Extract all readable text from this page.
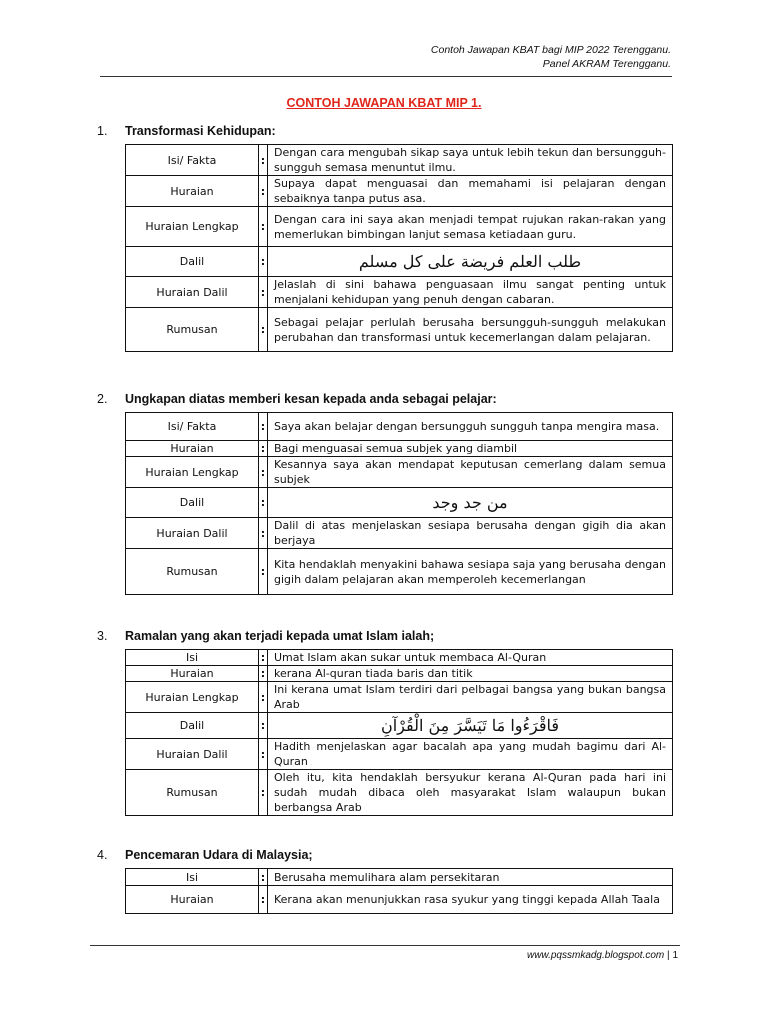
Contoh Jawapan KBAT bagi MIP 2022 Terengganu.
Panel AKRAM Terengganu.
CONTOH JAWAPAN KBAT MIP 1.
1.	Transformasi Kehidupan:
Isi/ Fakta	:	Dengan cara mengubah sikap saya untuk lebih tekun dan bersungguh-sungguh semasa menuntut ilmu.
Huraian	:	Supaya dapat menguasai dan memahami isi pelajaran dengan sebaiknya tanpa putus asa.
Huraian Lengkap	:	Dengan cara ini saya akan menjadi tempat rujukan rakan-rakan yang memerlukan bimbingan lanjut semasa ketiadaan guru.
Dalil	:	طلب العلم فريضة على كل مسلم
Huraian Dalil	:	Jelaslah di sini bahawa penguasaan ilmu sangat penting untuk menjalani kehidupan yang penuh dengan cabaran.
Rumusan	:	Sebagai pelajar perlulah berusaha bersungguh-sungguh melakukan perubahan dan transformasi untuk kecemerlangan dalam pelajaran.
2.	Ungkapan diatas memberi kesan kepada anda sebagai pelajar:
Isi/ Fakta	:	Saya akan belajar dengan bersungguh sungguh tanpa mengira masa.
Huraian	:	Bagi menguasai semua subjek yang diambil
Huraian Lengkap	:	Kesannya saya akan mendapat keputusan cemerlang dalam semua subjek
Dalil	:	من جد وجد
Huraian Dalil	:	Dalil di atas menjelaskan sesiapa berusaha dengan gigih dia akan berjaya
Rumusan	:	Kita hendaklah menyakini bahawa sesiapa saja yang berusaha dengan gigih dalam pelajaran akan memperoleh kecemerlangan
3.	Ramalan yang akan terjadi kepada umat Islam ialah;
Isi	:	Umat Islam akan sukar untuk membaca Al-Quran
Huraian	:	kerana Al-quran tiada baris dan titik
Huraian Lengkap	:	Ini kerana umat Islam terdiri dari pelbagai bangsa yang bukan bangsa Arab
Dalil	:	فَاقْرَءُوا مَا تَيَسَّرَ مِنَ الْقُرْآنِ
Huraian Dalil	:	Hadith menjelaskan agar bacalah apa yang mudah bagimu dari Al-Quran
Rumusan	:	Oleh itu, kita hendaklah bersyukur kerana Al-Quran pada hari ini sudah mudah dibaca oleh masyarakat Islam walaupun bukan berbangsa Arab
4.	Pencemaran Udara di Malaysia;
Isi	:	Berusaha memulihara alam persekitaran
Huraian	:	Kerana akan menunjukkan rasa syukur yang tinggi kepada Allah Taala
www.pqssmkadg.blogspot.com | 1
